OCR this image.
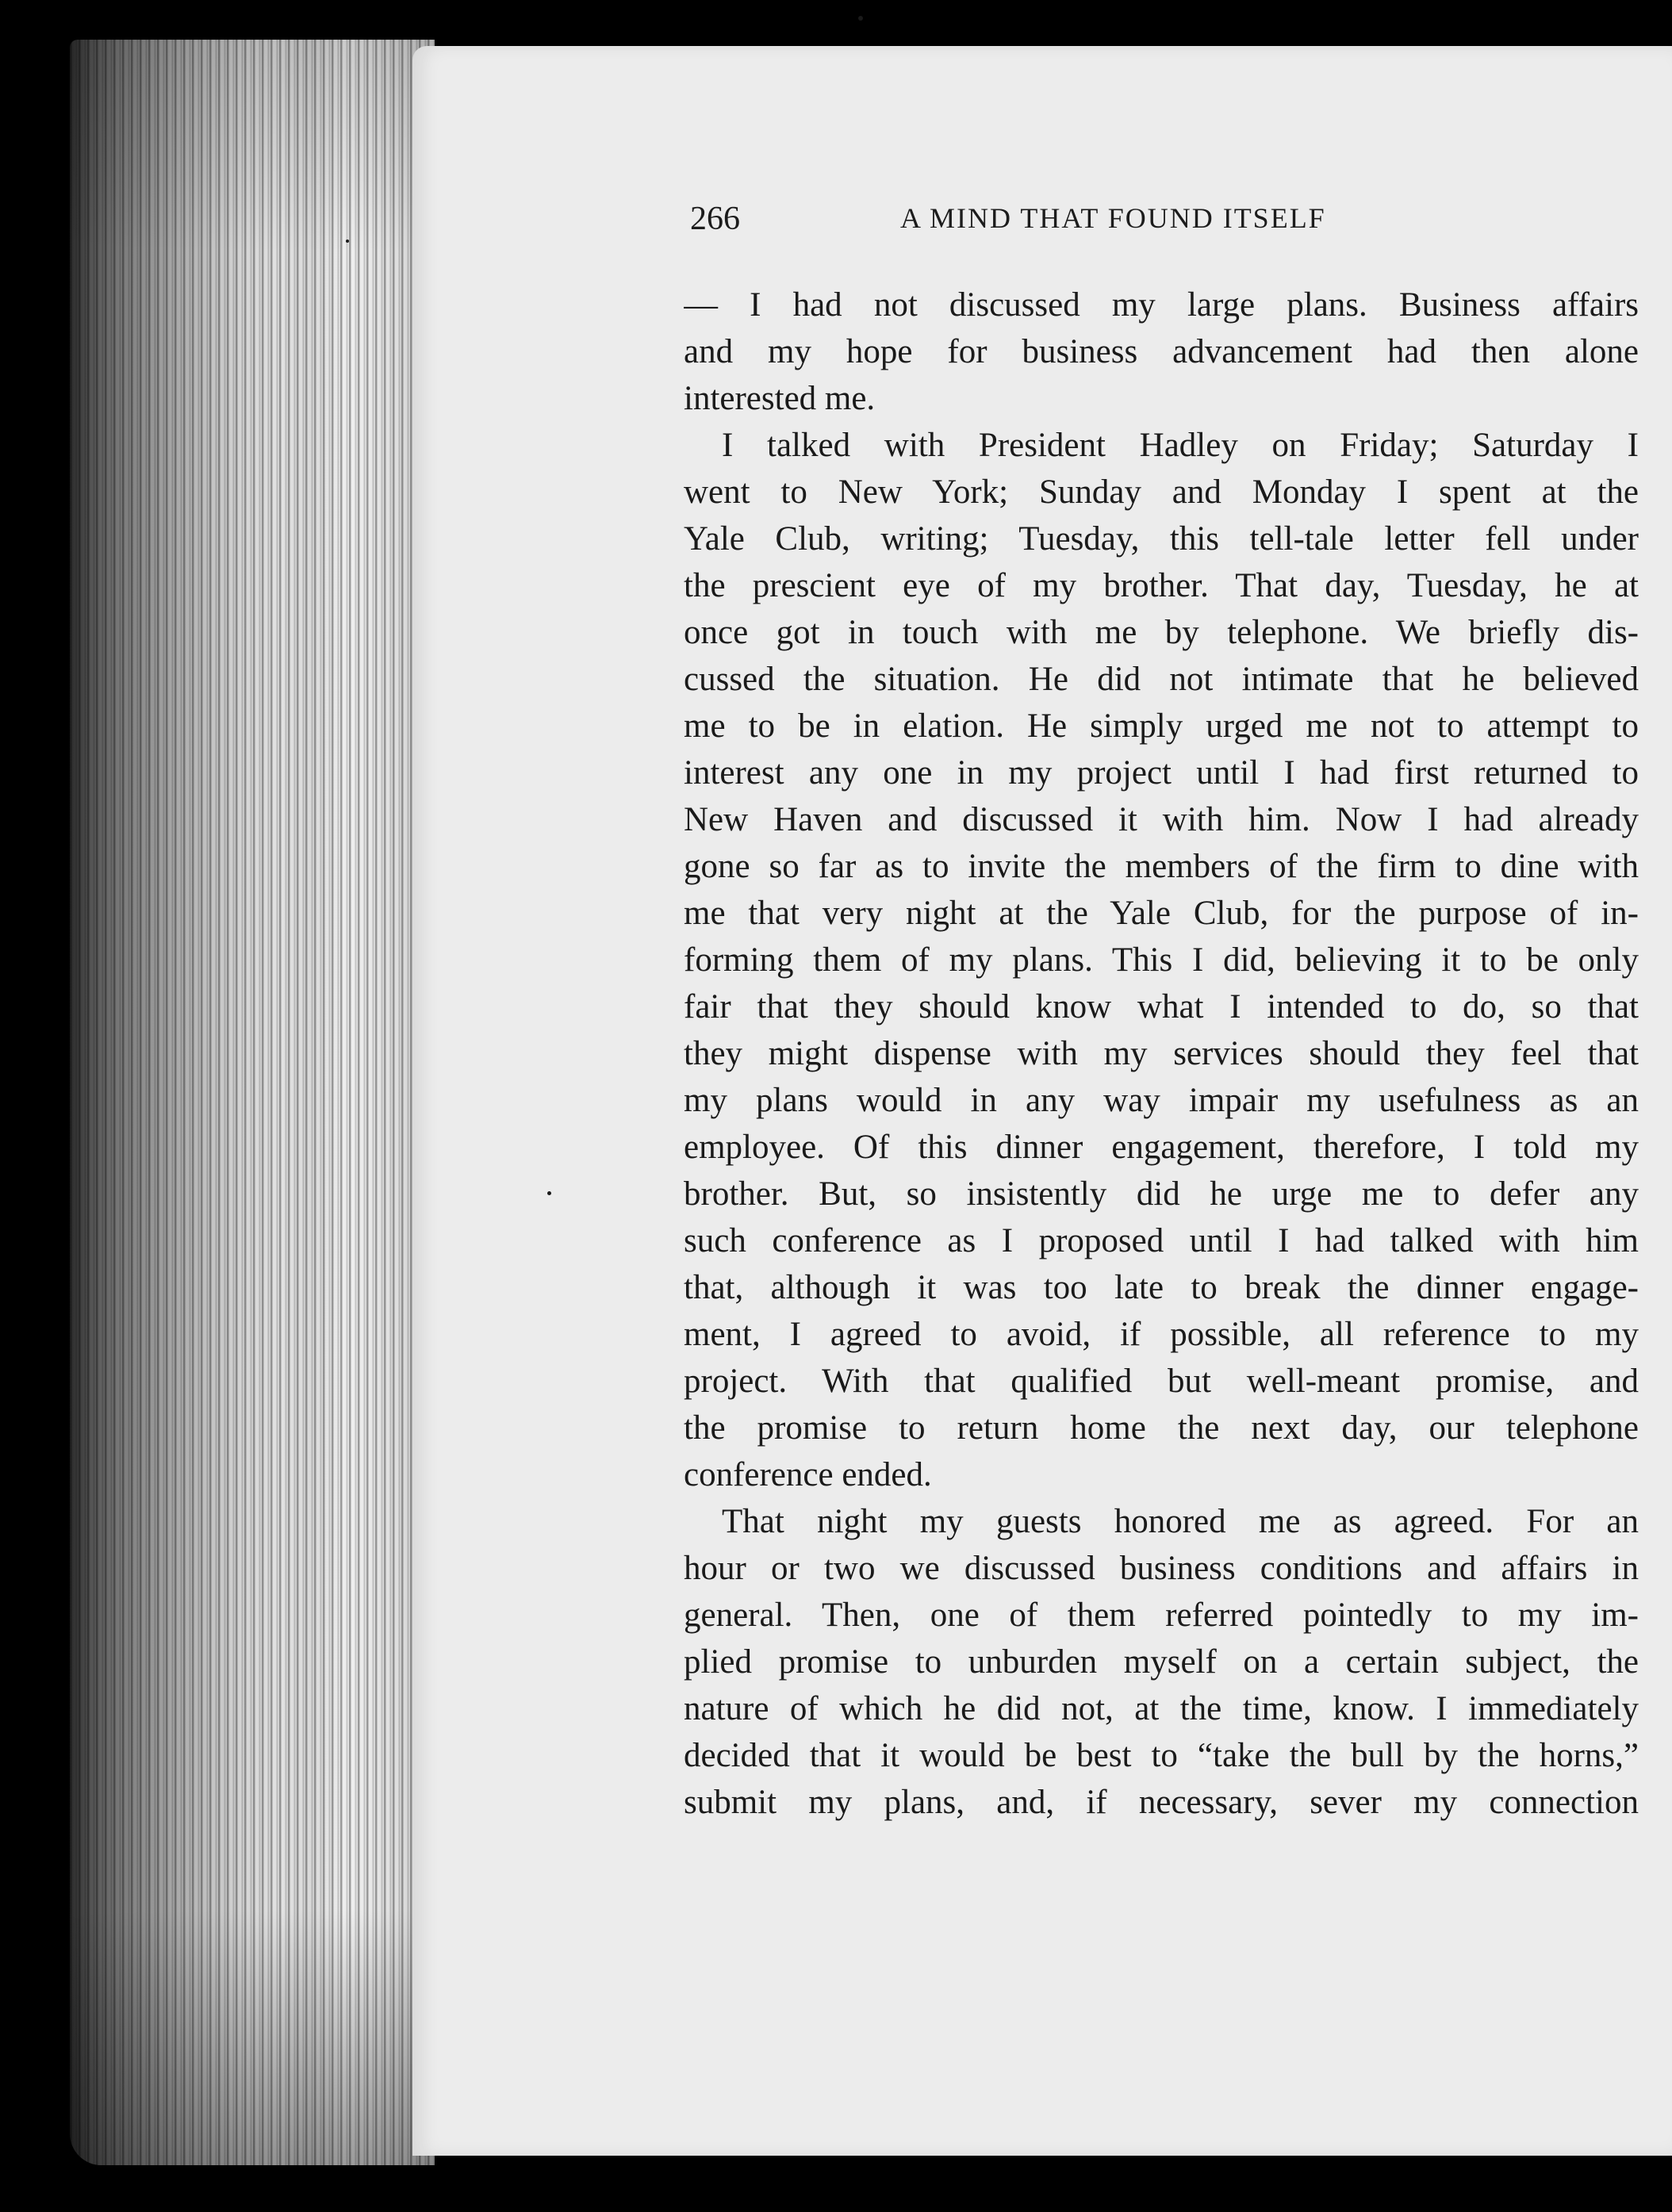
266	A MIND THAT FOUND ITSELF
— I had not discussed my large plans. Business affairs
and my hope for business advancement had then alone
interested me.
I talked with President Hadley on Friday; Saturday I
went to New York; Sunday and Monday I spent at the
Yale Club, writing; Tuesday, this tell-tale letter fell under
the prescient eye of my brother. That day, Tuesday, he at
once got in touch with me by telephone. We briefly dis-
cussed the situation. He did not intimate that he believed
me to be in elation. He simply urged me not to attempt to
interest any one in my project until I had first returned to
New Haven and discussed it with him. Now I had already
gone so far as to invite the members of the firm to dine with
me that very night at the Yale Club, for the purpose of in-
forming them of my plans. This I did, believing it to be only
fair that they should know what I intended to do, so that
they might dispense with my services should they feel that
my plans would in any way impair my usefulness as an
employee. Of this dinner engagement, therefore, I told my
brother. But, so insistently did he urge me to defer any
such conference as I proposed until I had talked with him
that, although it was too late to break the dinner engage-
ment, I agreed to avoid, if possible, all reference to my
project. With that qualified but well-meant promise, and
the promise to return home the next day, our telephone
conference ended.
That night my guests honored me as agreed. For an
hour or two we discussed business conditions and affairs in
general. Then, one of them referred pointedly to my im-
plied promise to unburden myself on a certain subject, the
nature of which he did not, at the time, know. I immediately
decided that it would be best to “take the bull by the horns,”
submit my plans, and, if necessary, sever my connection
